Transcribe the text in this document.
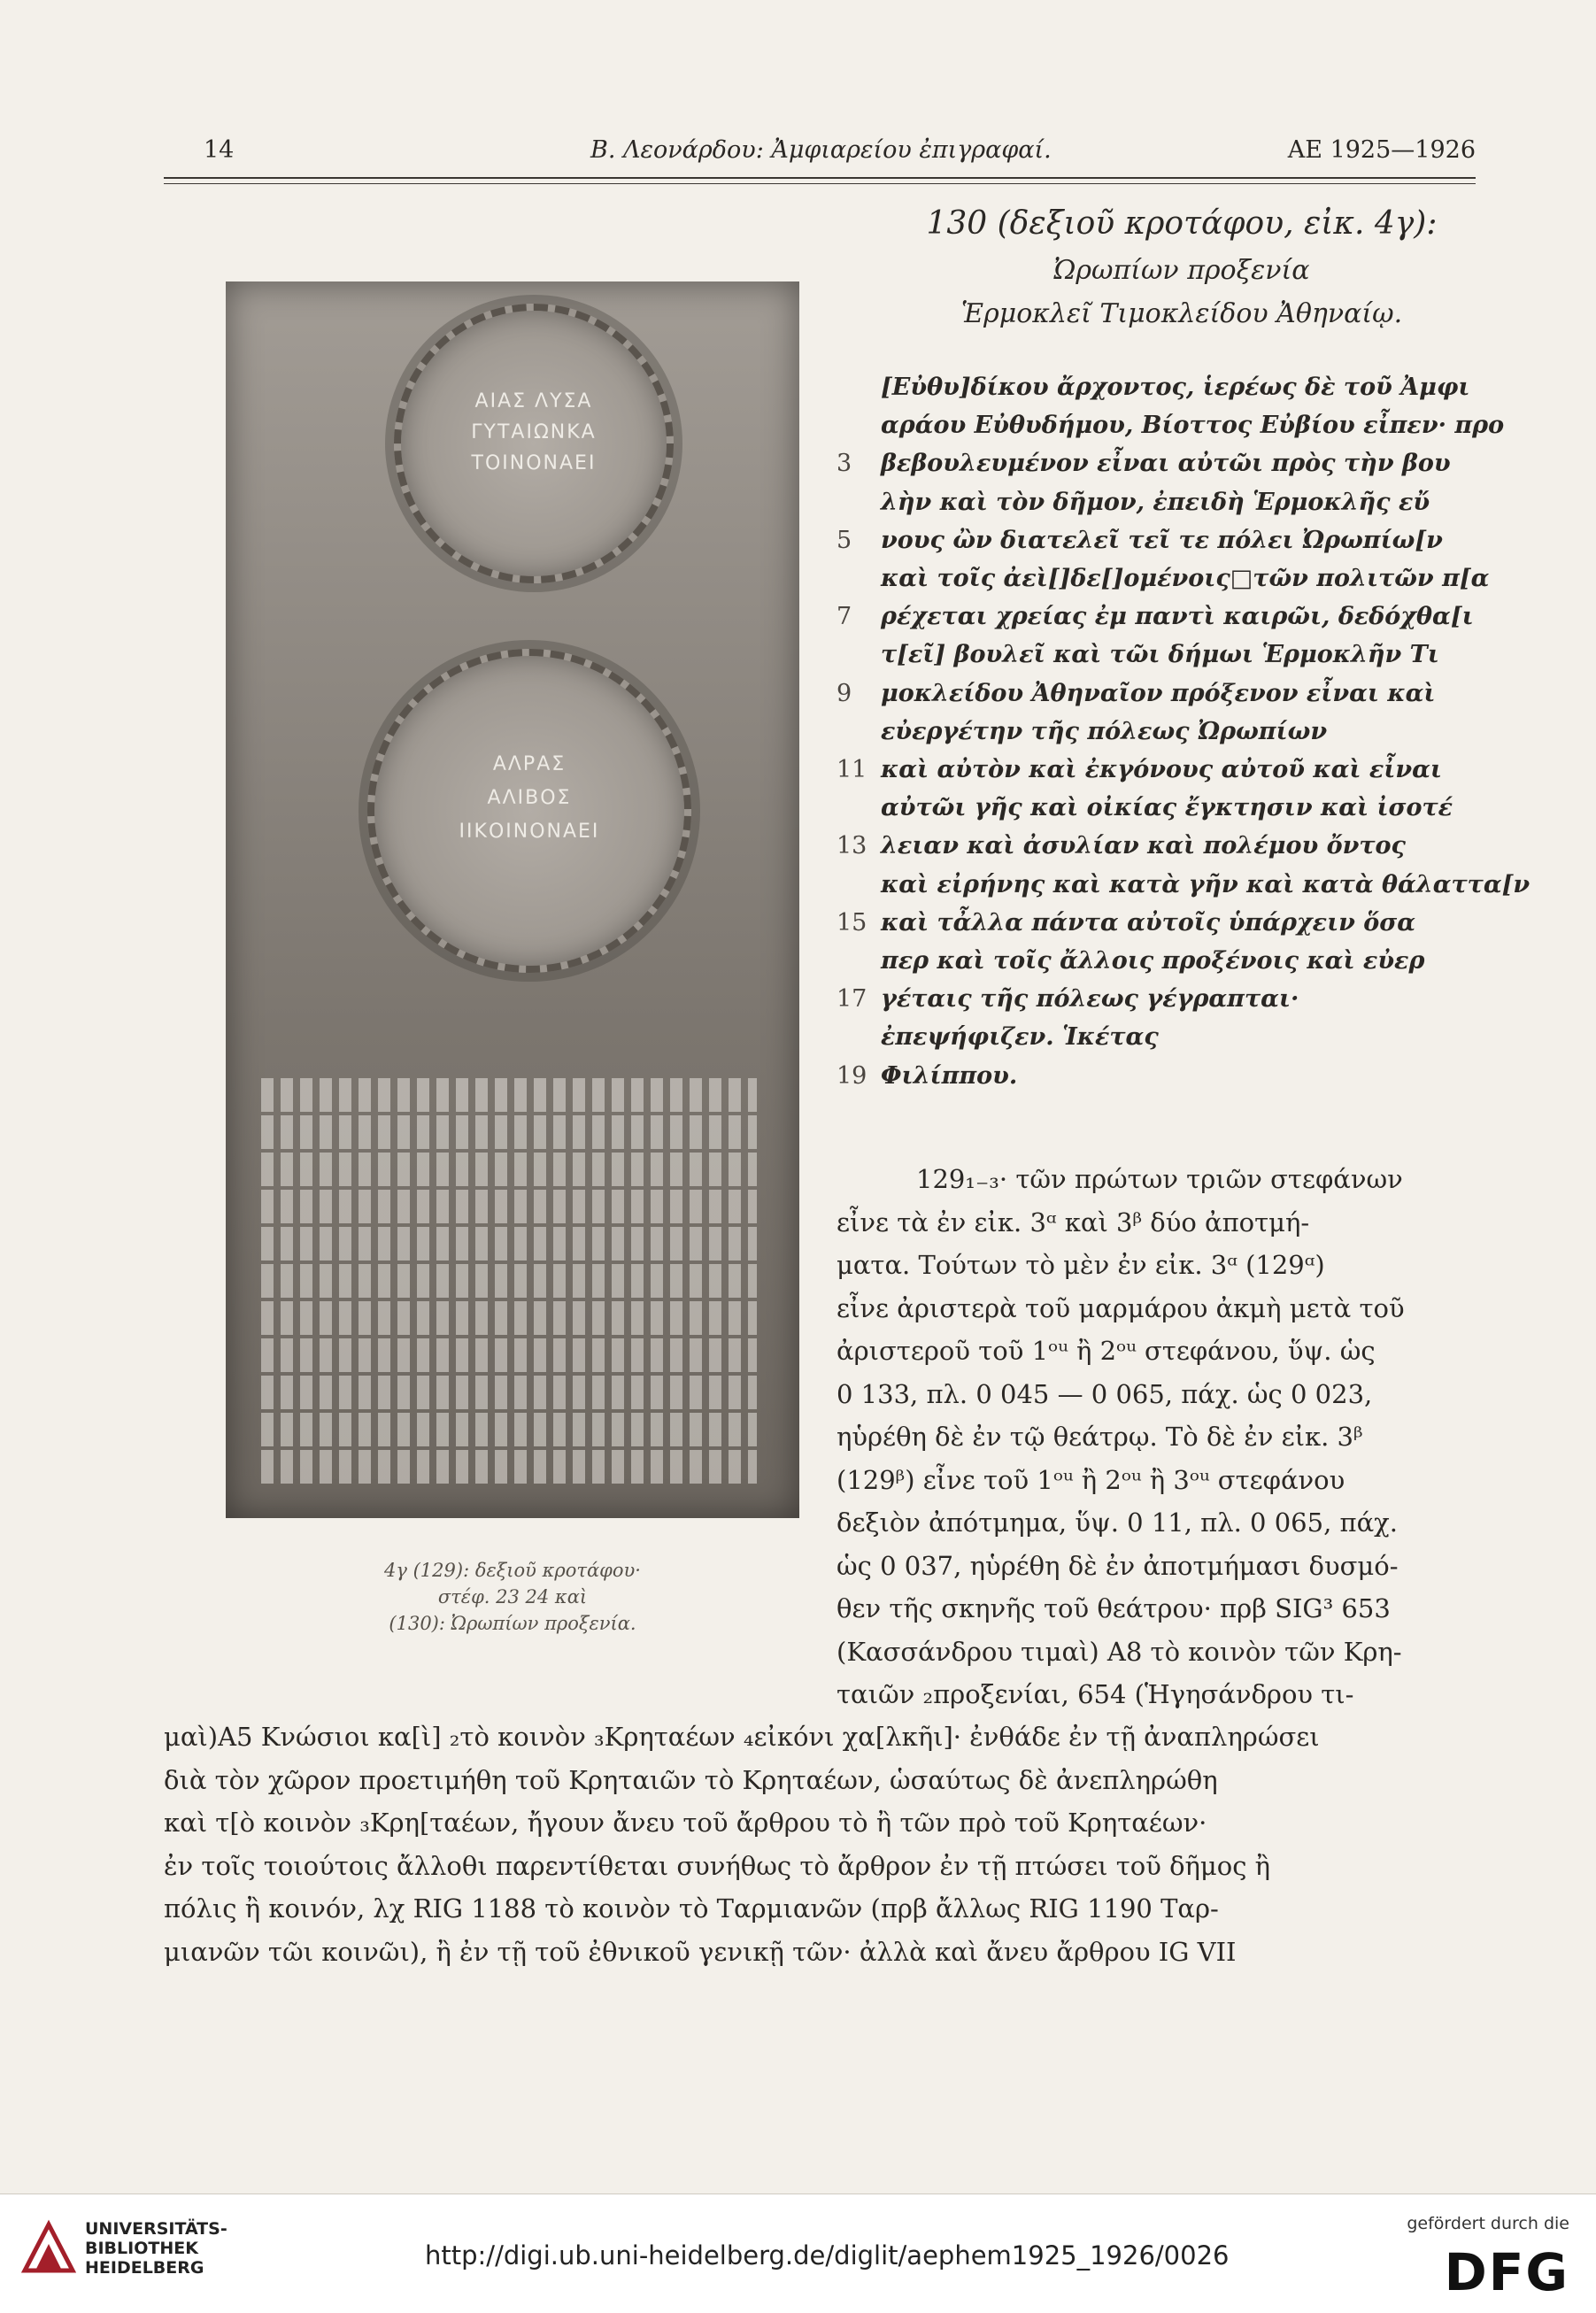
14	Β. Λεονάρδου: Ἀμφιαρείου ἐπιγραφαί.	ΑΕ 1925—1926
130 (δεξιοῦ κροτάφου, εἰκ. 4γ):
Ὠρωπίων προξενία
Ἑρμοκλεῖ Τιμοκλείδου Ἀθηναίῳ.
ΑΙΑΣ ΛΥΣΑ
ΓΥΤΑΙΩΝΚΑ
ΤΟΙΝΟΝΑΕΙ
ΑΛΡΑΣ
ΑΛΙΒΟΣ
ΙΙΚΟΙΝΟΝΑΕΙ
4γ (129): δεξιοῦ κροτάφου·
στέφ. 23 24 καὶ
(130): Ὠρωπίων προξενία.
[Εὐθυ]δίκου ἄρχοντος, ἱερέως δὲ τοῦ Ἀμφι
αράου Εὐθυδήμου, Βίοττος Εὐβίου εἶπεν· προ
3	βεβουλευμένον εἶναι αὐτῶι πρὸς τὴν βου
λὴν καὶ τὸν δῆμον, ἐπειδὴ Ἑρμοκλῆς εὔ
5	νους ὢν διατελεῖ τεῖ τε πόλει Ὠρωπίω[ν
καὶ τοῖς ἀεὶ[]δε[]ομένοις□τῶν πολιτῶν π[α
7	ρέχεται χρείας ἐμ παντὶ καιρῶι, δεδόχθα[ι
τ[εῖ] βουλεῖ καὶ τῶι δήμωι Ἑρμοκλῆν Τι
9	μοκλείδου Ἀθηναῖον πρόξενον εἶναι καὶ
εὐεργέτην τῆς πόλεως Ὠρωπίων
11 καὶ αὐτὸν καὶ ἐκγόνους αὐτοῦ καὶ εἶναι
αὐτῶι γῆς καὶ οἰκίας ἔγκτησιν καὶ ἰσοτέ
13 λειαν καὶ ἀσυλίαν καὶ πολέμου ὄντος
καὶ εἰρήνης καὶ κατὰ γῆν καὶ κατὰ θάλαττα[ν
15 καὶ τἆλλα πάντα αὐτοῖς ὑπάρχειν ὅσα
περ καὶ τοῖς ἄλλοις προξένοις καὶ εὐερ
17 γέταις τῆς πόλεως γέγραπται·
ἐπεψήφιζεν. Ἱκέτας
19 Φιλίππου.
129₁₋₃· τῶν πρώτων τριῶν στεφάνων
εἶνε τὰ ἐν εἰκ. 3ᵅ καὶ 3ᵝ δύο ἀποτμή-
ματα. Τούτων τὸ μὲν ἐν εἰκ. 3ᵅ (129ᵅ)
εἶνε ἀριστερὰ τοῦ μαρμάρου ἀκμὴ μετὰ τοῦ
ἀριστεροῦ τοῦ 1ᵒᵘ ἢ 2ᵒᵘ στεφάνου, ὕψ. ὡς
0 133, πλ. 0 045 — 0 065, πάχ. ὡς 0 023,
ηὑρέθη δὲ ἐν τῷ θεάτρῳ. Τὸ δὲ ἐν εἰκ. 3ᵝ
(129ᵝ) εἶνε τοῦ 1ᵒᵘ ἢ 2ᵒᵘ ἢ 3ᵒᵘ στεφάνου
δεξιὸν ἀπότμημα, ὕψ. 0 11, πλ. 0 065, πάχ.
ὡς 0 037, ηὑρέθη δὲ ἐν ἀποτμήμασι δυσμό-
θεν τῆς σκηνῆς τοῦ θεάτρου· πρβ SIG³ 653
(Κασσάνδρου τιμαὶ) A8 τὸ κοινὸν τῶν Κρη-
ταιῶν ₂προξενίαι, 654 (Ἡγησάνδρου τι-
μαὶ)A5 Κνώσιοι κα[ὶ] ₂τὸ κοινὸν ₃Κρηταέων ₄εἰκόνι χα[λκῆι]· ἐνθάδε ἐν τῇ ἀναπληρώσει
διὰ τὸν χῶρον προετιμήθη τοῦ Κρηταιῶν τὸ Κρηταέων, ὡσαύτως δὲ ἀνεπληρώθη
καὶ τ[ὸ κοινὸν ₃Κρη[ταέων, ἤγουν ἄνευ τοῦ ἄρθρου τὸ ἢ τῶν πρὸ τοῦ Κρηταέων·
ἐν τοῖς τοιούτοις ἄλλοθι παρεντίθεται συνήθως τὸ ἄρθρον ἐν τῇ πτώσει τοῦ δῆμος ἢ
πόλις ἢ κοινόν, λχ RIG 1188 τὸ κοινὸν τὸ Ταρμιανῶν (πρβ ἄλλως RIG 1190 Ταρ-
μιανῶν τῶι κοινῶι), ἢ ἐν τῇ τοῦ ἐθνικοῦ γενικῇ τῶν· ἀλλὰ καὶ ἄνευ ἄρθρου IG VII
UNIVERSITÄTS-
BIBLIOTHEK
HEIDELBERG	http://digi.ub.uni-heidelberg.de/diglit/aephem1925_1926/0026
gefördert durch die
DFG
